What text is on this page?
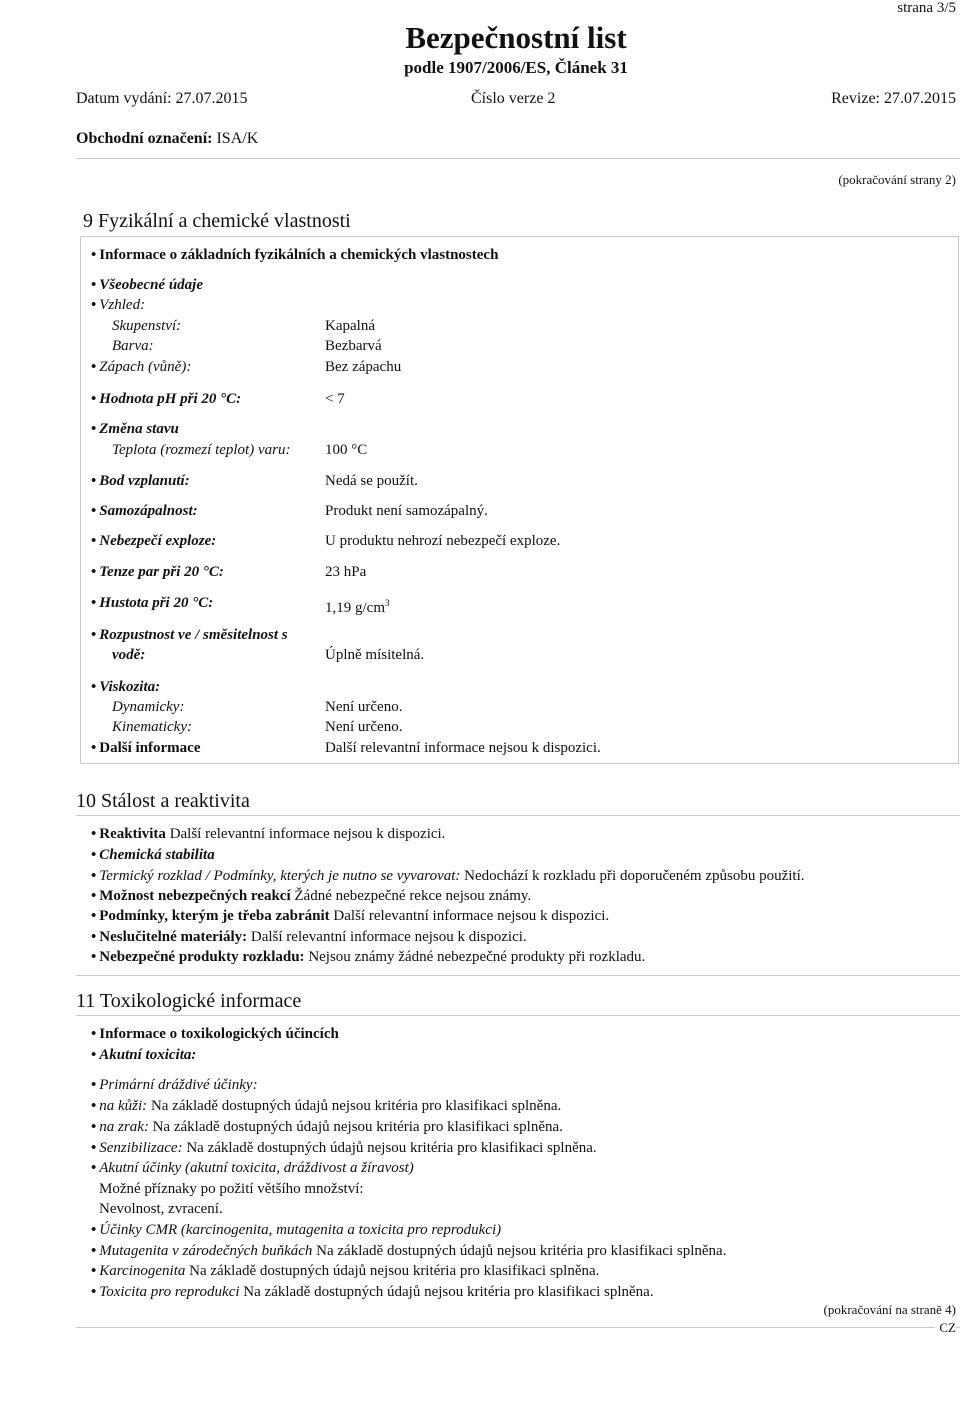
strana 3/5
Bezpečnostní list
podle 1907/2006/ES, Článek 31
Datum vydání: 27.07.2015	Číslo verze 2	Revize: 27.07.2015
Obchodní označení: ISA/K
(pokračování strany 2)
9 Fyzikální a chemické vlastnosti
• Informace o základních fyzikálních a chemických vlastnostech
• Všeobecné údaje
• Vzhled:
Skupenství:	Kapalná
Barva:	Bezbarvá
• Zápach (vůně):	Bez zápachu
• Hodnota pH při 20 °C:	< 7
• Změna stavu
Teplota (rozmezí teplot) varu: 100 °C
• Bod vzplanutí:	Nedá se použít.
• Samozápalnost:	Produkt není samozápalný.
• Nebezpečí exploze:	U produktu nehrozí nebezpečí exploze.
• Tenze par při 20 °C:	23 hPa
• Hustota při 20 °C:	1,19 $g/cm^3$
• Rozpustnost ve / směsitelnost s
vodě:	Úplně mísitelná.
• Viskozita:
Dynamicky:	Není určeno.
Kinematicky:	Není určeno.
• Další informace	Další relevantní informace nejsou k dispozici.
10 Stálost a reaktivita
• Reaktivita Další relevantní informace nejsou k dispozici.
• Chemická stabilita
• Termický rozklad / Podmínky, kterých je nutno se vyvarovat: Nedochází k rozkladu při doporučeném způsobu použití.
• Možnost nebezpečných reakcí Žádné nebezpečné rekce nejsou známy.
• Podmínky, kterým je třeba zabránit Další relevantní informace nejsou k dispozici.
• Neslučitelné materiály: Další relevantní informace nejsou k dispozici.
• Nebezpečné produkty rozkladu: Nejsou známy žádné nebezpečné produkty při rozkladu.
11 Toxikologické informace
• Informace o toxikologických účincích
• Akutní toxicita:
• Primární dráždivé účinky:
• na kůži: Na základě dostupných údajů nejsou kritéria pro klasifikaci splněna.
• na zrak: Na základě dostupných údajů nejsou kritéria pro klasifikaci splněna.
• Senzibilizace: Na základě dostupných údajů nejsou kritéria pro klasifikaci splněna.
• Akutní účinky (akutní toxicita, dráždivost a žíravost)
Možné příznaky po požití většího množství:
Nevolnost, zvracení.
• Účinky CMR (karcinogenita, mutagenita a toxicita pro reprodukci)
• Mutagenita v zárodečných buňkách Na základě dostupných údajů nejsou kritéria pro klasifikaci splněna.
• Karcinogenita Na základě dostupných údajů nejsou kritéria pro klasifikaci splněna.
• Toxicita pro reprodukci Na základě dostupných údajů nejsou kritéria pro klasifikaci splněna.
(pokračování na straně 4)
CZ
